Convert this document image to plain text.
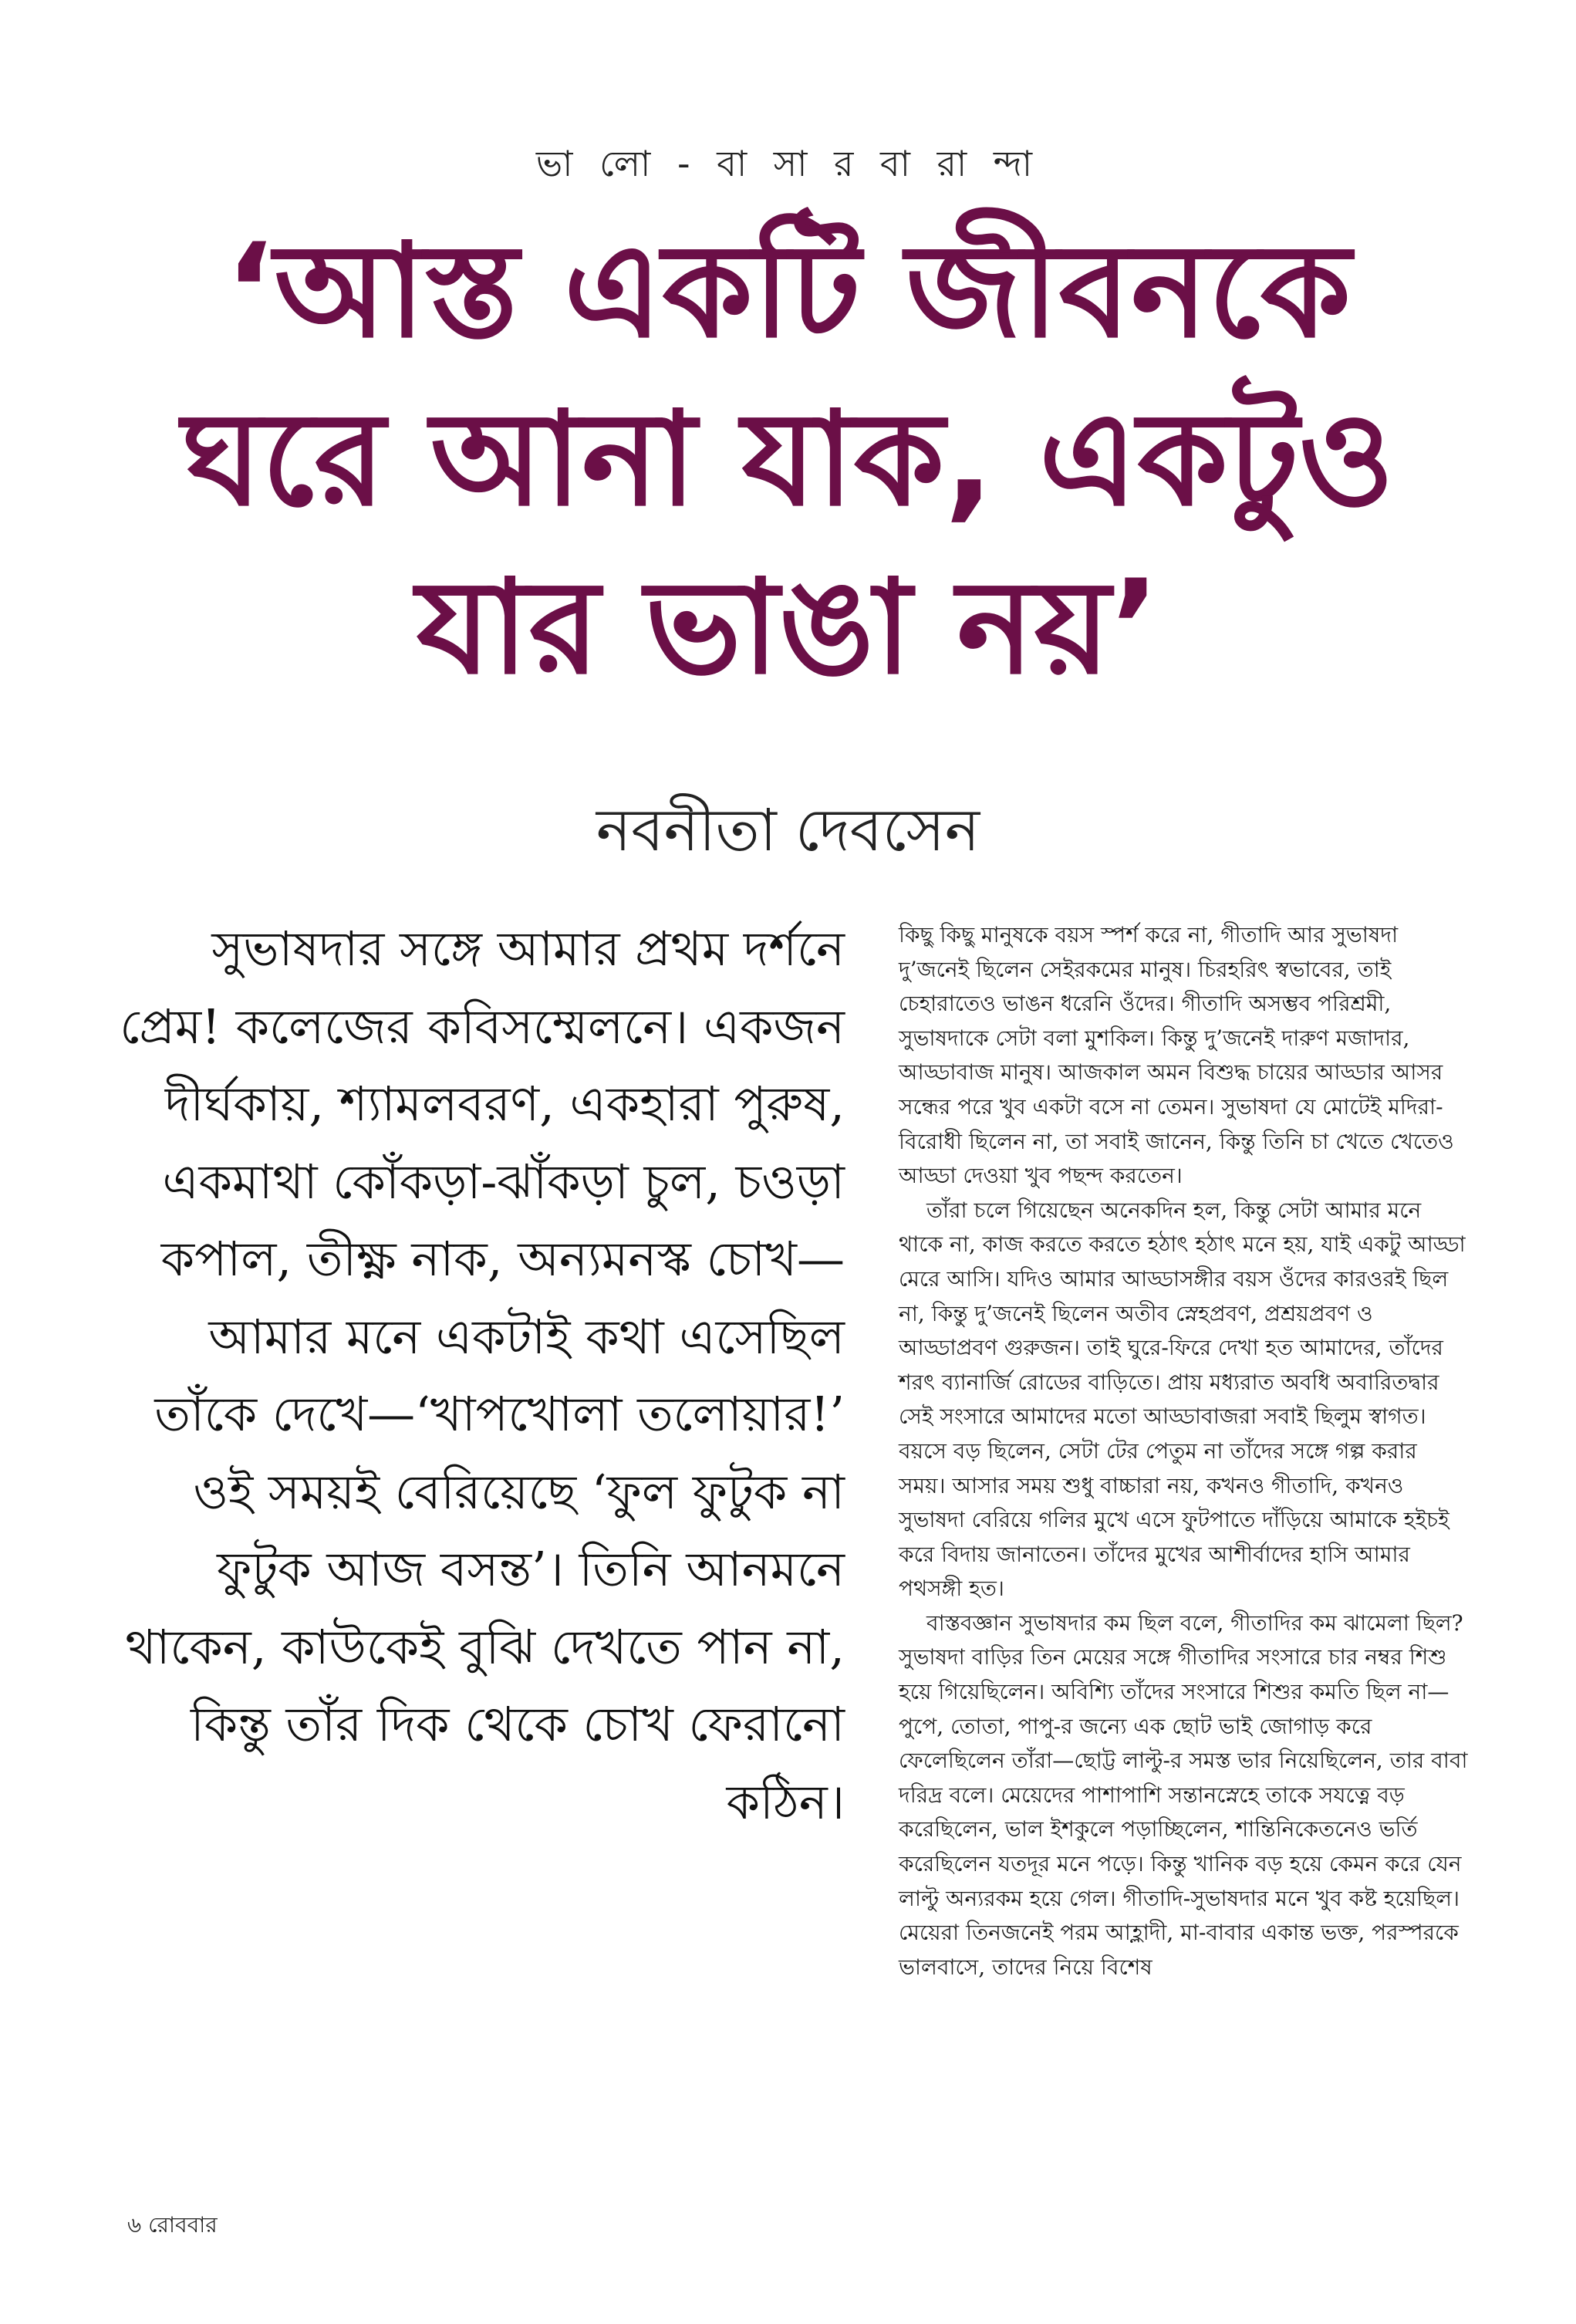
ভা লো - বা সা র বা রা ন্দা
‘আস্ত একটি জীবনকে ঘরে আনা যাক, একটুও যার ভাঙা নয়’
নবনীতা দেবসেন
সুভাষদার সঙ্গে আমার প্রথম দর্শনে প্রেম! কলেজের কবিসম্মেলনে। একজন দীর্ঘকায়, শ্যামলবরণ, একহারা পুরুষ, একমাথা কোঁকড়া-ঝাঁকড়া চুল, চওড়া কপাল, তীক্ষ্ণ নাক, অন্যমনস্ক চোখ—আমার মনে একটাই কথা এসেছিল তাঁকে দেখে—‘খাপখোলা তলোয়ার!’ ওই সময়ই বেরিয়েছে ‘ফুল ফুটুক না ফুটুক আজ বসন্ত’। তিনি আনমনে থাকেন, কাউকেই বুঝি দেখতে পান না, কিন্তু তাঁর দিক থেকে চোখ ফেরানো কঠিন।

কিছু কিছু মানুষকে বয়স স্পর্শ করে না, গীতাদি আর সুভাষদা দু’জনেই ছিলেন সেইরকমের মানুষ। চিরহরিৎ স্বভাবের, তাই চেহারাতেও ভাঙন ধরেনি ওঁদের। গীতাদি অসম্ভব পরিশ্রমী, সুভাষদাকে সেটা বলা মুশকিল। কিন্তু দু’জনেই দারুণ মজাদার, আড্ডাবাজ মানুষ। আজকাল অমন বিশুদ্ধ চায়ের আড্ডার আসর সন্ধের পরে খুব একটা বসে না তেমন। সুভাষদা যে মোটেই মদিরা-বিরোধী ছিলেন না, তা সবাই জানেন, কিন্তু তিনি চা খেতে খেতেও আড্ডা দেওয়া খুব পছন্দ করতেন।

তাঁরা চলে গিয়েছেন অনেকদিন হল, কিন্তু সেটা আমার মনে থাকে না, কাজ করতে করতে হঠাৎ হঠাৎ মনে হয়, যাই একটু আড্ডা মেরে আসি। যদিও আমার আড্ডাসঙ্গীর বয়স ওঁদের কারওরই ছিল না, কিন্তু দু’জনেই ছিলেন অতীব স্নেহপ্রবণ, প্রশ্রয়প্রবণ ও আড্ডাপ্রবণ গুরুজন। তাই ঘুরে-ফিরে দেখা হত আমাদের, তাঁদের শরৎ ব্যানার্জি রোডের বাড়িতে। প্রায় মধ্যরাত অবধি অবারিতদ্বার সেই সংসারে আমাদের মতো আড্ডাবাজরা সবাই ছিলুম স্বাগত। বয়সে বড় ছিলেন, সেটা টের পেতুম না তাঁদের সঙ্গে গল্প করার সময়। আসার সময় শুধু বাচ্চারা নয়, কখনও গীতাদি, কখনও সুভাষদা বেরিয়ে গলির মুখে এসে ফুটপাতে দাঁড়িয়ে আমাকে হইচই করে বিদায় জানাতেন। তাঁদের মুখের আশীর্বাদের হাসি আমার পথসঙ্গী হত।

বাস্তবজ্ঞান সুভাষদার কম ছিল বলে, গীতাদির কম ঝামেলা ছিল? সুভাষদা বাড়ির তিন মেয়ের সঙ্গে গীতাদির সংসারে চার নম্বর শিশু হয়ে গিয়েছিলেন। অবিশ্যি তাঁদের সংসারে শিশুর কমতি ছিল না—পুপে, তোতা, পাপু-র জন্যে এক ছোট ভাই জোগাড় করে ফেলেছিলেন তাঁরা—ছোট্ট লাল্টু-র সমস্ত ভার নিয়েছিলেন, তার বাবা দরিদ্র বলে। মেয়েদের পাশাপাশি সন্তানস্নেহে তাকে সযত্নে বড় করেছিলেন, ভাল ইশকুলে পড়াচ্ছিলেন, শান্তিনিকেতনেও ভর্তি করেছিলেন যতদূর মনে পড়ে। কিন্তু খানিক বড় হয়ে কেমন করে যেন লাল্টু অন্যরকম হয়ে গেল। গীতাদি-সুভাষদার মনে খুব কষ্ট হয়েছিল। মেয়েরা তিনজনেই পরম আহ্লাদী, মা-বাবার একান্ত ভক্ত, পরস্পরকে ভালবাসে, তাদের নিয়ে বিশেষ

৬ রোববার
